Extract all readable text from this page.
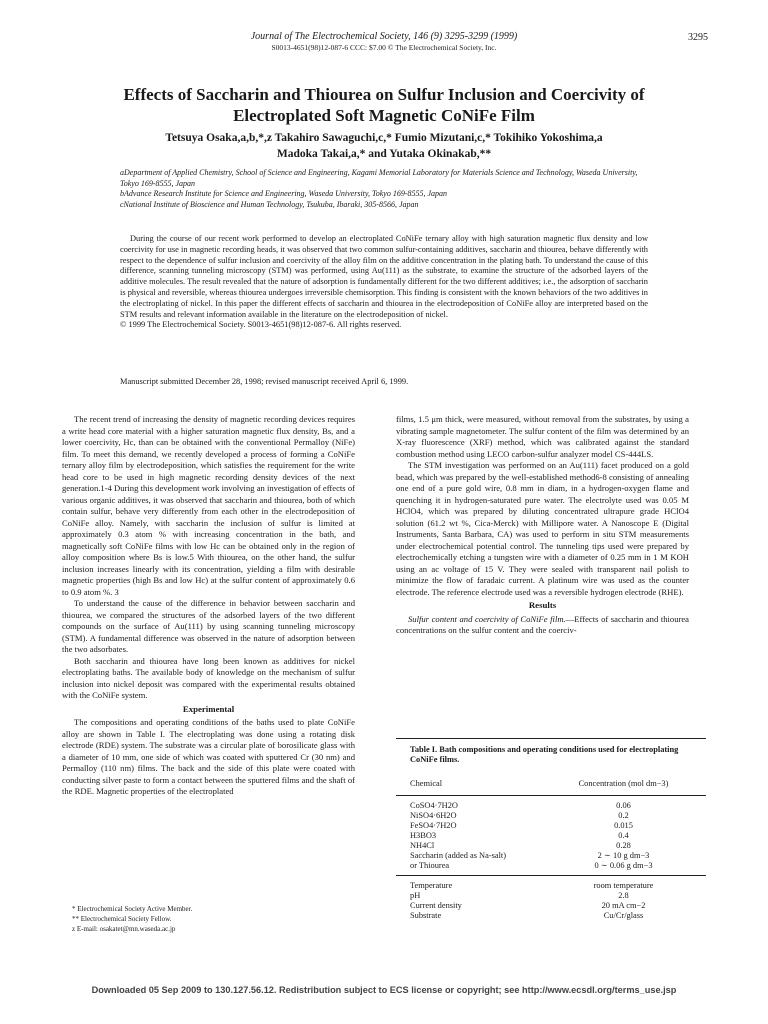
Journal of The Electrochemical Society, 146 (9) 3295-3299 (1999)
S0013-4651(98)12-087-6 CCC: $7.00 © The Electrochemical Society, Inc.
3295
Effects of Saccharin and Thiourea on Sulfur Inclusion and Coercivity of Electroplated Soft Magnetic CoNiFe Film
Tetsuya Osaka,a,b,*,z Takahiro Sawaguchi,c,* Fumio Mizutani,c,* Tokihiko Yokoshima,a
Madoka Takai,a,* and Yutaka Okinakab,**
aDepartment of Applied Chemistry, School of Science and Engineering, Kagami Memorial Laboratory for Materials Science and Technology, Waseda University, Tokyo 169-8555, Japan
bAdvance Research Institute for Science and Engineering, Waseda University, Tokyo 169-8555, Japan
cNational Institute of Bioscience and Human Technology, Tsukuba, Ibaraki, 305-8566, Japan

During the course of our recent work performed to develop an electroplated CoNiFe ternary alloy with high saturation magnetic flux density and low coercivity for use in magnetic recording heads, it was observed that two common sulfur-containing additives, saccharin and thiourea, behave differently with respect to the dependence of sulfur inclusion and coercivity of the alloy film on the additive concentration in the plating bath. To understand the cause of this difference, scanning tunneling microscopy (STM) was performed, using Au(111) as the substrate, to examine the structure of the adsorbed layers of the additive molecules. The result revealed that the nature of adsorption is fundamentally different for the two different additives; i.e., the adsorption of saccharin is physical and reversible, whereas thiourea undergoes irreversible chemisorption. This finding is consistent with the known behaviors of the two additives in the electroplating of nickel. In this paper the different effects of saccharin and thiourea in the electrodeposition of CoNiFe alloy are interpreted based on the STM results and relevant information available in the literature on the electrodeposition of nickel.
© 1999 The Electrochemical Society. S0013-4651(98)12-087-6. All rights reserved.

Manuscript submitted December 28, 1998; revised manuscript received April 6, 1999.

The recent trend of increasing the density of magnetic recording devices requires a write head core material with a higher saturation magnetic flux density, Bs, and a lower coercivity, Hc, than can be obtained with the conventional Permalloy (NiFe) film. To meet this demand, we recently developed a process of forming a CoNiFe ternary alloy film by electrodeposition, which satisfies the requirement for the write head core to be used in high magnetic recording density devices of the next generation.1-4 During this development work involving an investigation of effects of various organic additives, it was observed that saccharin and thiourea, both of which contain sulfur, behave very differently from each other in the electrodeposition of CoNiFe alloy. Namely, with saccharin the inclusion of sulfur is limited at approximately 0.3 atom % with increasing concentration in the bath, and magnetically soft CoNiFe films with low Hc can be obtained only in the region of alloy composition where Bs is low.5 With thiourea, on the other hand, the sulfur inclusion increases linearly with its concentration, yielding a film with desirable magnetic properties (high Bs and low Hc) at the sulfur content of approximately 0.6 to 0.9 atom %. 3

To understand the cause of the difference in behavior between saccharin and thiourea, we compared the structures of the adsorbed layers of the two different compounds on the surface of Au(111) by using scanning tunneling microscopy (STM). A fundamental difference was observed in the nature of adsorption between the two adsorbates.

Both saccharin and thiourea have long been known as additives for nickel electroplating baths. The available body of knowledge on the mechanism of sulfur inclusion into nickel deposit was compared with the experimental results obtained with the CoNiFe system.

Experimental

The compositions and operating conditions of the baths used to plate CoNiFe alloy are shown in Table I. The electroplating was done using a rotating disk electrode (RDE) system. The substrate was a circular plate of borosilicate glass with a diameter of 10 mm, one side of which was coated with sputtered Cr (30 nm) and Permalloy (110 nm) films. The back and the side of this plate were coated with conducting silver paste to form a contact between the sputtered films and the shaft of the RDE. Magnetic properties of the electroplated

* Electrochemical Society Active Member.
** Electrochemical Society Fellow.
z E-mail: osakatet@mn.waseda.ac.jp

films, 1.5 μm thick, were measured, without removal from the substrates, by using a vibrating sample magnetometer. The sulfur content of the film was determined by an X-ray fluorescence (XRF) method, which was calibrated against the standard combustion method using LECO carbon-sulfur analyzer model CS-444LS.

The STM investigation was performed on an Au(111) facet produced on a gold bead, which was prepared by the well-established method6-8 consisting of annealing one end of a pure gold wire, 0.8 mm in diam, in a hydrogen-oxygen flame and quenching it in hydrogen-saturated pure water. The electrolyte used was 0.05 M HClO4, which was prepared by diluting concentrated ultrapure grade HClO4 solution (61.2 wt %, Cica-Merck) with Millipore water. A Nanoscope E (Digital Instruments, Santa Barbara, CA) was used to perform in situ STM measurements under electrochemical potential control. The tunneling tips used were prepared by electrochemically etching a tungsten wire with a diameter of 0.25 mm in 1 M KOH using an ac voltage of 15 V. They were sealed with transparent nail polish to minimize the flow of faradaic current. A platinum wire was used as the counter electrode. The reference electrode used was a reversible hydrogen electrode (RHE).

Results

Sulfur content and coercivity of CoNiFe film.—Effects of saccharin and thiourea concentrations on the sulfur content and the coerciv-

Table I. Bath compositions and operating conditions used for electroplating CoNiFe films.
Chemical	Concentration (mol dm−3)
CoSO4·7H2O	0.06
NiSO4·6H2O	0.2
FeSO4·7H2O	0.015
H3BO3	0.4
NH4Cl	0.28
Saccharin (added as Na-salt)	2 ∼ 10 g dm−3
or Thiourea	0 ∼ 0.06 g dm−3
Temperature	room temperature
pH	2.8
Current density	20 mA cm−2
Substrate	Cu/Cr/glass
Downloaded 05 Sep 2009 to 130.127.56.12. Redistribution subject to ECS license or copyright; see http://www.ecsdl.org/terms_use.jsp
